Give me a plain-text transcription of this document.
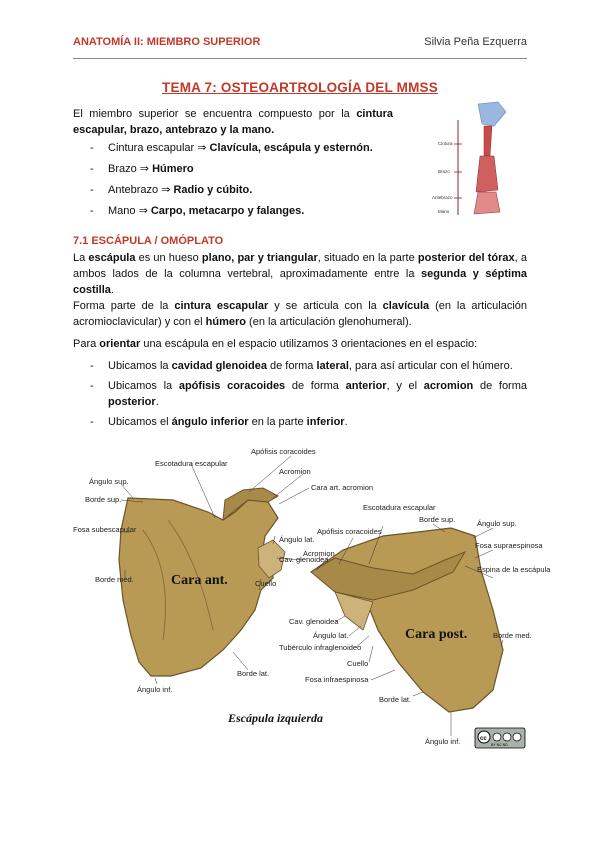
ANATOMÍA II: MIEMBRO SUPERIOR	Silvia Peña Ezquerra
TEMA 7: OSTEOARTROLOGÍA DEL MMSS
El miembro superior se encuentra compuesto por la cintura escapular, brazo, antebrazo y la mano.
- Cintura escapular ⇒ Clavícula, escápula y esternón.
- Brazo ⇒ Húmero
- Antebrazo ⇒ Radio y cúbito.
- Mano ⇒ Carpo, metacarpo y falanges.
Cintura
Brazo
Antebrazo
Mano
7.1 ESCÁPULA / OMÓPLATO
La escápula es un hueso plano, par y triangular, situado en la parte posterior del tórax, a ambos lados de la columna vertebral, aproximadamente entre la segunda y séptima costilla.
Forma parte de la cintura escapular y se articula con la clavícula (en la articulación acromioclavicular) y con el húmero (en la articulación glenohumeral).
Para orientar una escápula en el espacio utilizamos 3 orientaciones en el espacio:
- Ubicamos la cavidad glenoidea de forma lateral, para así articular con el húmero.
- Ubicamos la apófisis coracoides de forma anterior, y el acromion de forma posterior.
- Ubicamos el ángulo inferior en la parte inferior.
Cara ant.
Cara post.
Escotadura escapular
Apófisis coracoides
Acromion
Cara art. acromion
Ángulo sup.
Borde sup.
Fosa subescapular
Ángulo lat.
Cav. glenoidea
Cuello
Borde med.
Borde lat.
Ángulo inf.
Escotadura escapular
Apófisis coracoides
Acromion
Borde sup.	Ángulo sup.
Fosa supraespinosa
Espina de la escápula
Cav. glenoidea
Ángulo lat.
Tubérculo infraglenoideo
Cuello
Fosa infraespinosa
Borde lat.
Borde med.
Ángulo inf.
Escápula izquierda
cc
BY NC ND
